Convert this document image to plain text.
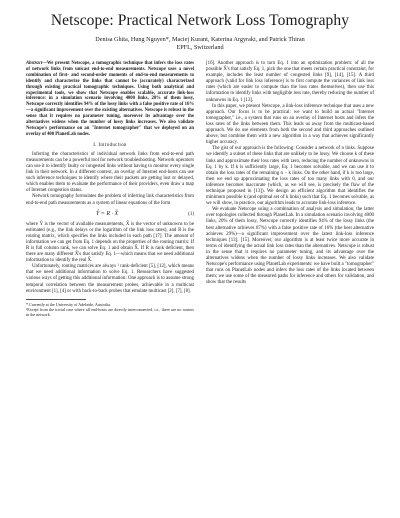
Netscope: Practical Network Loss Tomography
Denisa Ghita, Hung Nguyen*, Maciej Kurant, Katerina Argyraki, and Patrick Thiran
EPFL, Switzerland
Abstract—We present Netscope, a tomographic technique that infers the loss rates of network links from unicast end-to-end measurements. Netscope uses a novel combination of first- and second-order moments of end-to-end measurements to identify and characterize the links that cannot be (accurately) characterized through existing practical tomographic techniques. Using both analytical and experimental tools, we show that Netscope enables scalable, accurate link-loss inference: in a simulation scenario involving 4000 links, 20% of them lossy, Netscope correctly identifies 94% of the lossy links with a false positive rate of 16%—a significant improvement over the existing alternatives. Netscope is robust in the sense that it requires no parameter tuning, moreover its advantage over the alternatives widens when the number of lossy links increases. We also validate Netscope's performance on an "Internet tomographer" that we deployed on an overlay of 400 PlanetLab nodes.
I. Introduction

Inferring the characteristics of individual network links from end-to-end path measurements can be a powerful tool for network troubleshooting. Network operators can use it to identify faulty or congested links without having to monitor every single link in their network. In a different context, an overlay of Internet end-hosts can use such inference techniques to identify where their packets are getting lost or delayed, which enables them to evaluate the performance of their providers, even draw a map of Internet congestion status.

Network tomography formulates the problem of inferring link characteristics from end-to-end path measurements as a system of linear equations of the form

Ŷ = R · X̂	(1)

where Ŷ is the vector of available measurements, X̂ is the vector of unknowns to be estimated (e.g., the link delays or the logarithm of the link loss rates), and R is the routing matrix, which specifies the links included in each path [17]. The amount of information we can get from Eq. 1 depends on the properties of the routing matrix: If R is full column rank, we can solve Eq. 1 and obtain X̂. If R is rank deficient, then there are many different X̂'s that satisfy Eq. 1—which means that we need additional information to identify the real X̂.

Unfortunately, routing matrices are always ¹ rank-deficient [5], [12], which means that we need additional information to solve Eq. 1. Researchers have suggested various ways of getting this additional information: One approach is to assume strong temporal correlation between the measurement probes, achievable in a multicast environment [1], [4] or with back-to-back probes that emulate multicast [2], [7], [8].

* Currently at the University of Adelaide, Australia.
¹Except from the trivial case where all end-hosts are directly interconnected, i.e., there are no routers in the network.

[16]. Another approach is to turn Eq. 1 into an optimization problem: of all the possible X̂'s that satisfy Eq. 1, pick the one that meets certain practical constraint, for example, includes the least number of congested links [9], [14], [15]. A third approach (valid for link loss inference) is to first compute the variances of link loss rates (which are easier to compute than the loss rates themselves), then use this information to identify links with negligible loss rate, thereby reducing the number of unknowns in Eq. 1 [13].

In this paper, we present Netscope, a link-loss inference technique that uses a new approach. Our focus is to be practical: we want to build an actual "Internet tomographer," i.e., a system that runs on an overlay of Internet hosts and infers the loss rates of the links between them. This leads us away from the multicast-based approach. We do use elements from both the second and third approaches outlined above, but combine them with a new algorithm in a way that achieves significantly higher accuracy.

The gist of our approach is the following: Consider a network of n links. Suppose we identify a subset of these links that are unlikely to be lossy. We choose k of these links and approximate their loss rates with zero, reducing the number of unknowns in Eq. 1 by k. If k is sufficiently large, Eq. 1 becomes solvable, and we can use it to obtain the loss rates of the remaining n − k links. On the other hand, if k is too large, then we end up approximating the loss rates of too many links with 0, and our inference becomes inaccurate (which, as we will see, is precisely the flaw of the technique proposed in [13]). We design an efficient algorithm that identifies the minimum possible k (and optimal set of k links) such that Eq. 1 becomes solvable, as we will show, in practice, our algorithm leads to accurate link-loss inference.

We evaluate Netscope using a combination of analysis and simulation, the latter over topologies collected through PlanetLab. In a simulation scenario involving 4000 links, 20% of them lossy, Netscope correctly identifies 94% of the lossy links (the best alternative achieves 87%) with a false positive rate of 16% (the best alternative achieves 29%)—a significant improvement over the latest link-loss inference techniques [13], [15]. Moreover, our algorithm is at least twice more accurate in terms of identifying the actual link loss rates than the alternatives. Netscope is robust in the sense that it requires no parameter tuning, and its advantage over the alternatives widens when the number of lossy links increases. We also validate Netscope's performance using PlanetLab experiments: we have built a "tomographer" that runs on PlanetLab nodes and infers the loss rates of the links located between them; we use some of the measured paths for inference and others for validation, and show that the results
